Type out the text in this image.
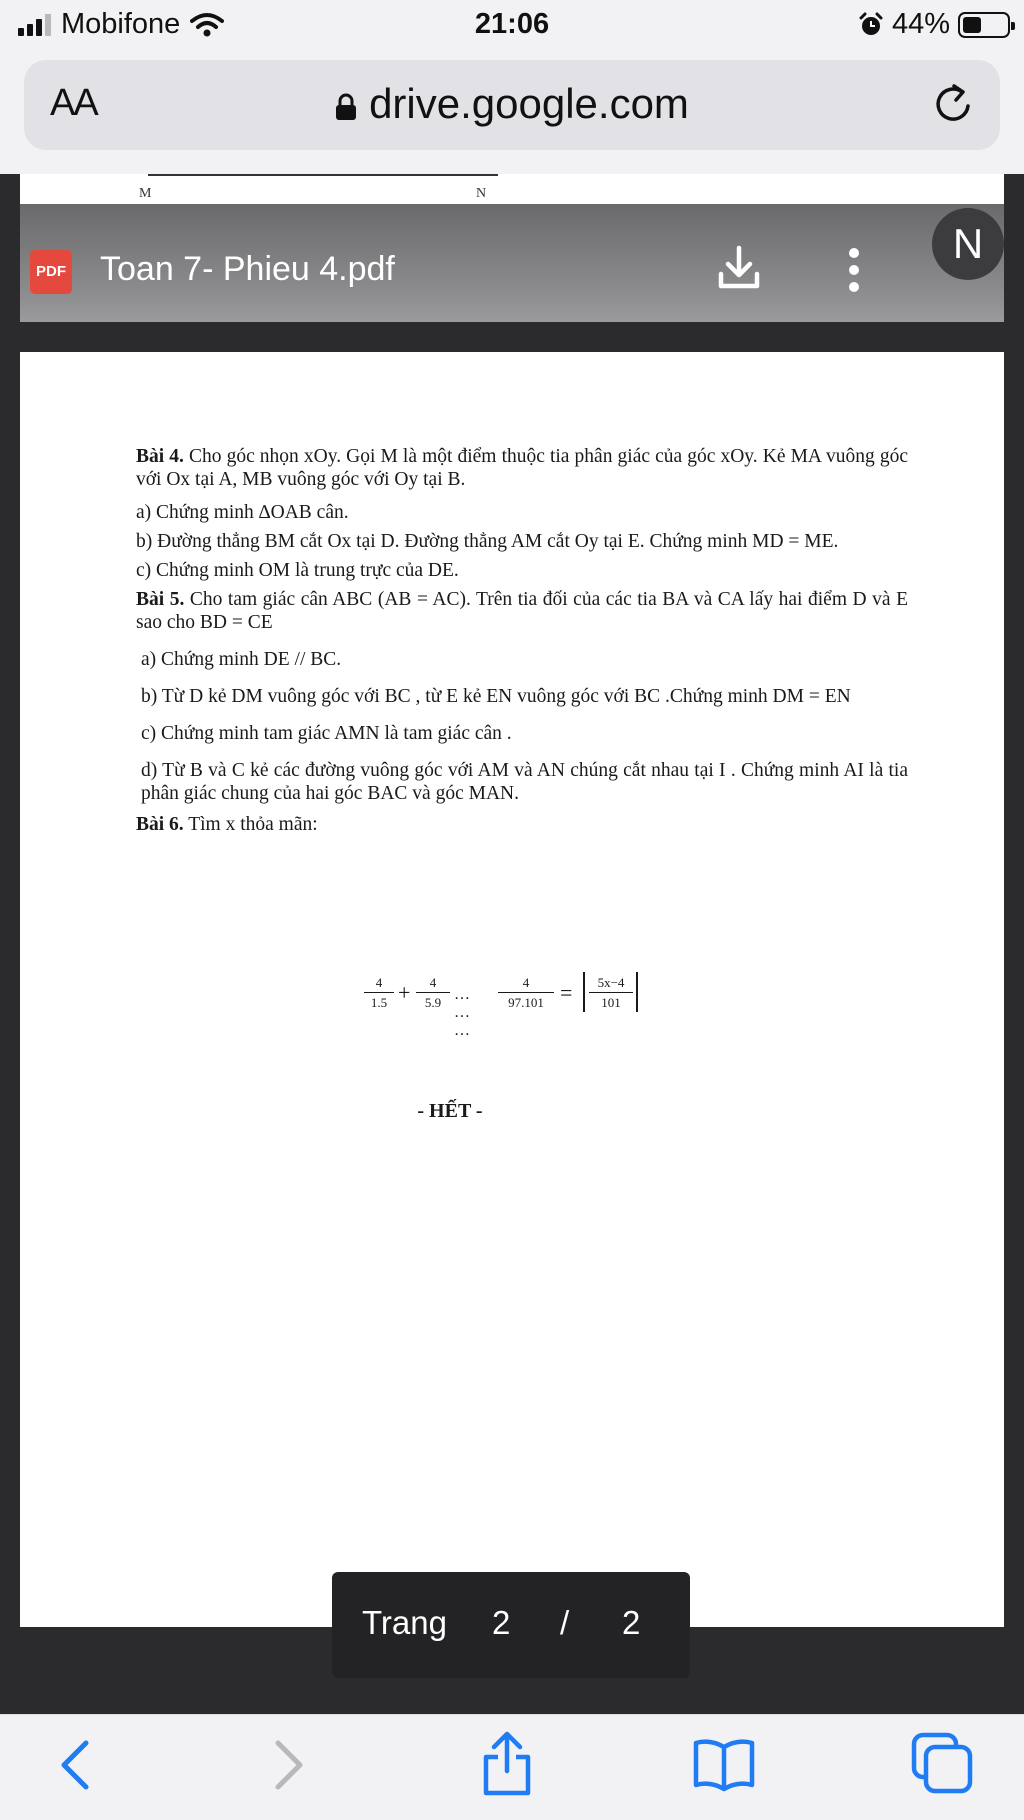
Mobifone	21:06	44%
AA	drive.google.com
M	N
PDF Toan 7- Phieu 4.pdf

Bài 4. Cho góc nhọn xOy. Gọi M là một điểm thuộc tia phân giác của góc xOy. Kẻ MA vuông góc với Ox tại A, MB vuông góc với Oy tại B.

a) Chứng minh ∆OAB cân.

b) Đường thẳng BM cắt Ox tại D. Đường thẳng AM cắt Oy tại E. Chứng minh MD = ME.

c) Chứng minh OM là trung trực của DE.

Bài 5. Cho tam giác cân ABC (AB = AC). Trên tia đối của các tia BA và CA lấy hai điểm D và E sao cho BD = CE

a) Chứng minh DE // BC.

b) Từ D kẻ DM vuông góc với BC , từ E kẻ EN vuông góc với BC .Chứng minh DM = EN

c) Chứng minh tam giác AMN là tam giác cân .

d) Từ B và C kẻ các đường vuông góc với AM và AN chúng cắt nhau tại I . Chứng minh AI là tia phân giác chung của hai góc BAC và góc MAN.

Bài 6. Tìm x thỏa mãn:

$\frac{4}{1.5} + \frac{4}{5.9}$ … … …
$\frac{4}{97.101} = \frac{5x-4}{101}$
- HẾT -
N
Trang 2 / 2
